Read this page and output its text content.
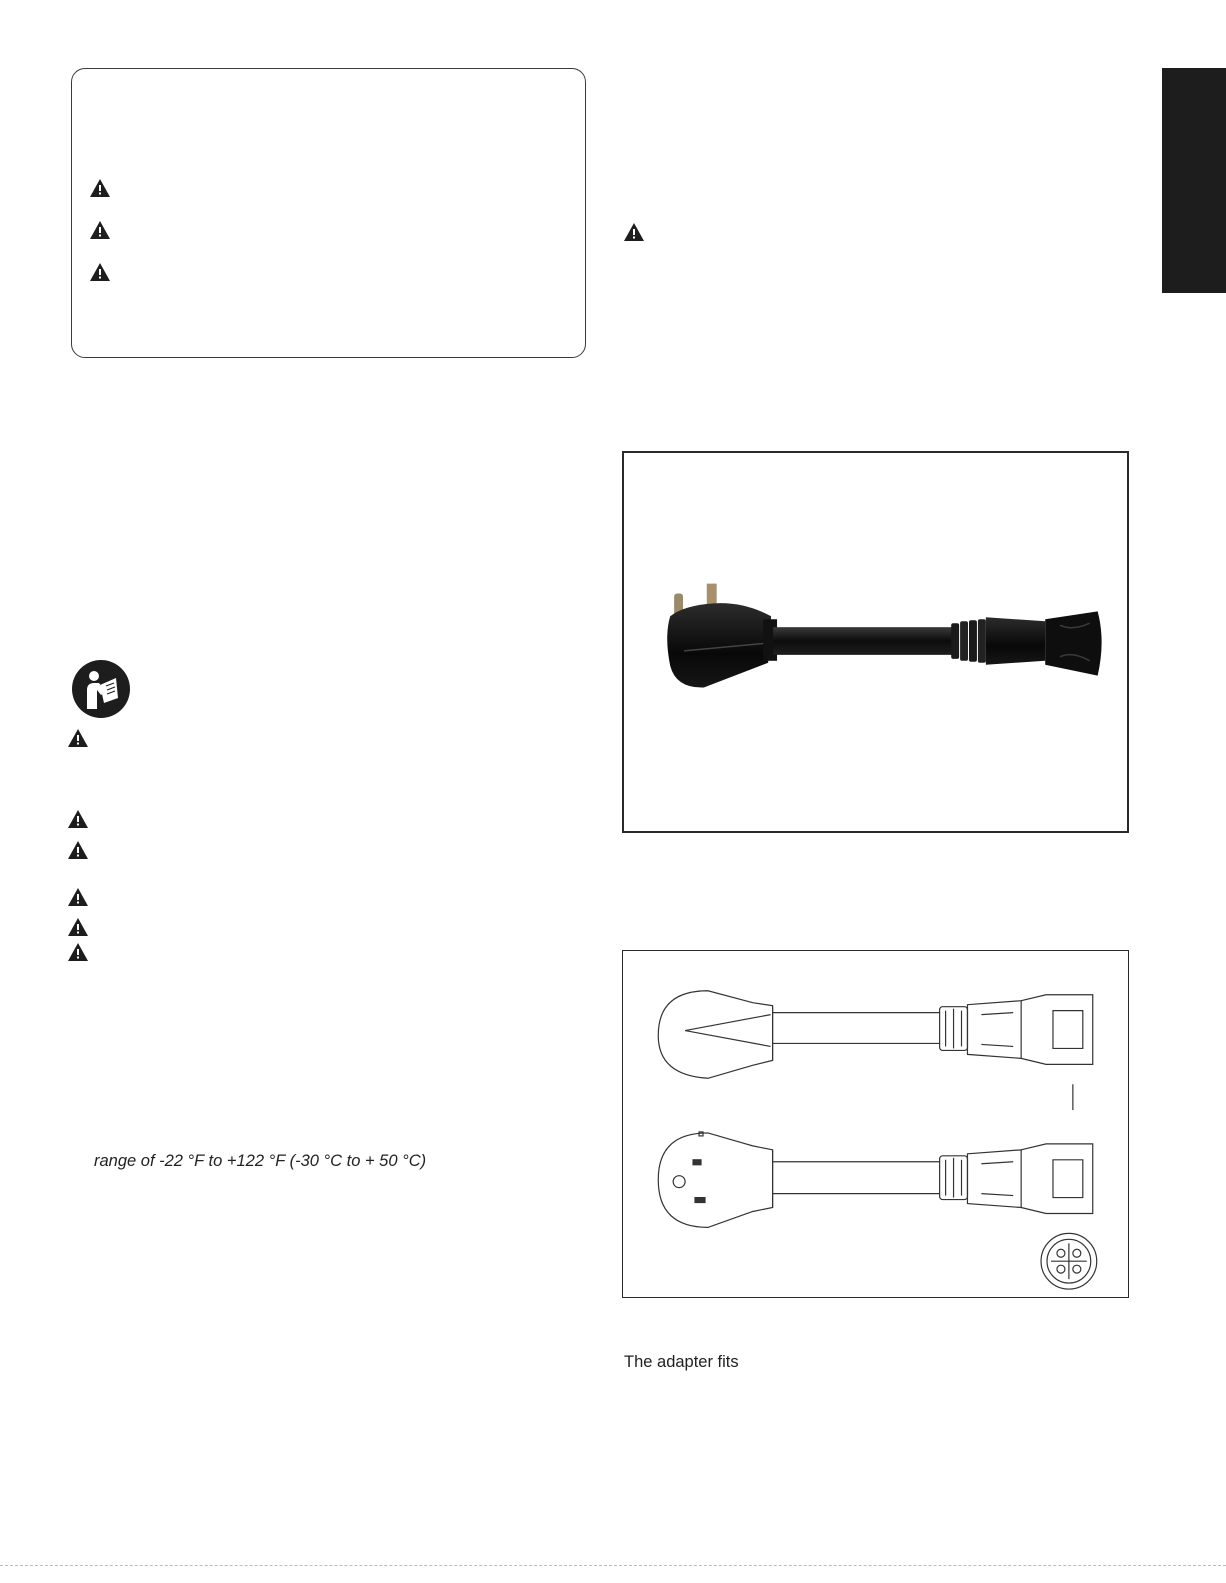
range of -22 °F to +122 °F (-30 °C to + 50 °C)
The adapter fits
